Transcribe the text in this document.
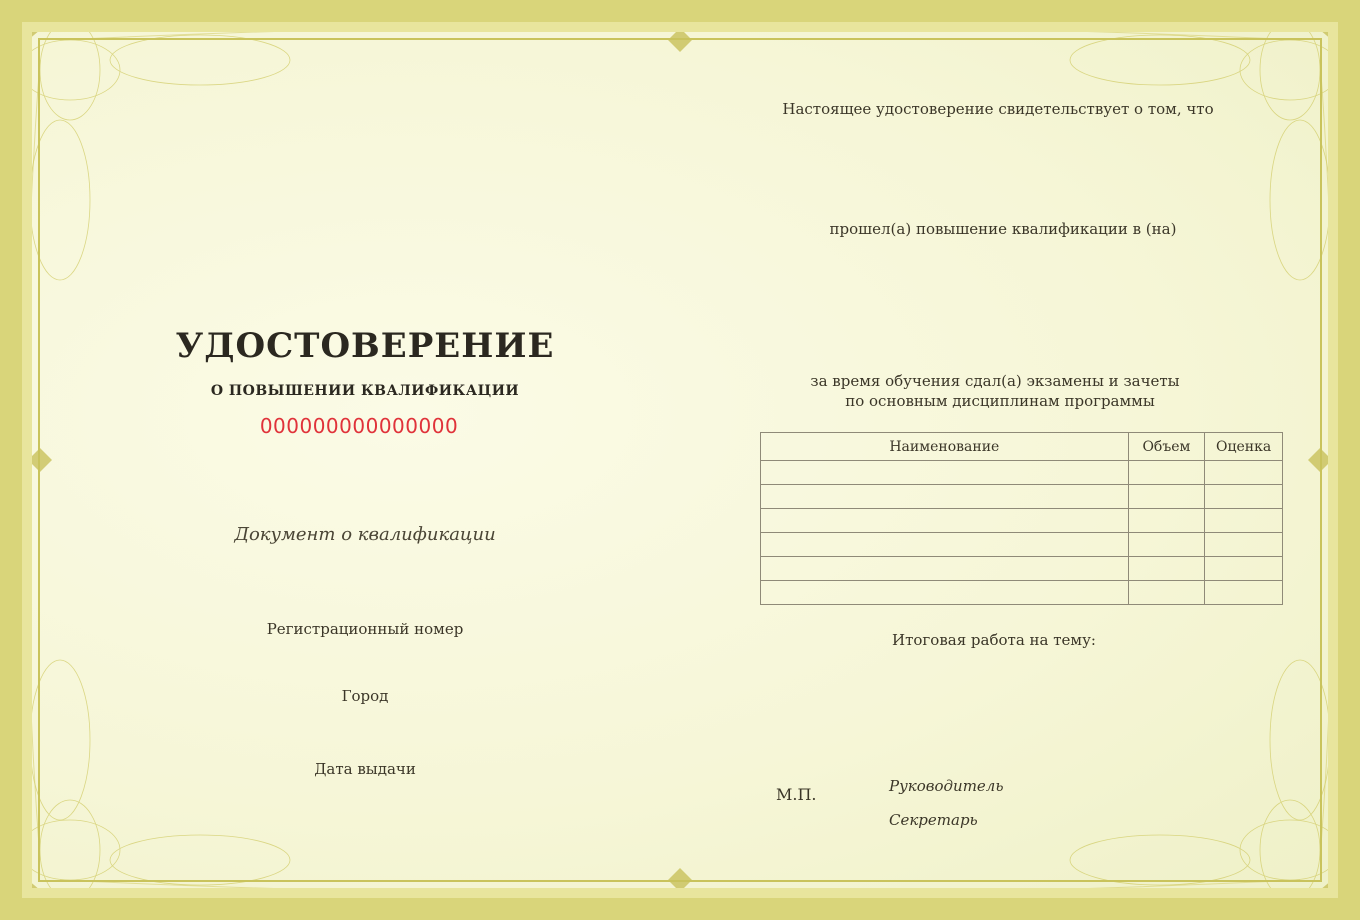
УДОСТОВЕРЕНИЕ
О ПОВЫШЕНИИ КВАЛИФИКАЦИИ
000000000000000
Документ о квалификации
Регистрационный номер
Город
Дата выдачи
Настоящее удостоверение свидетельствует о том, что
прошел(а) повышение квалификации в (на)
за время обучения сдал(а) экзамены и зачеты
по основным дисциплинам программы
Наименование	Объем	Оценка

Итоговая работа на тему:
М.П.	Руководитель
Секретарь
